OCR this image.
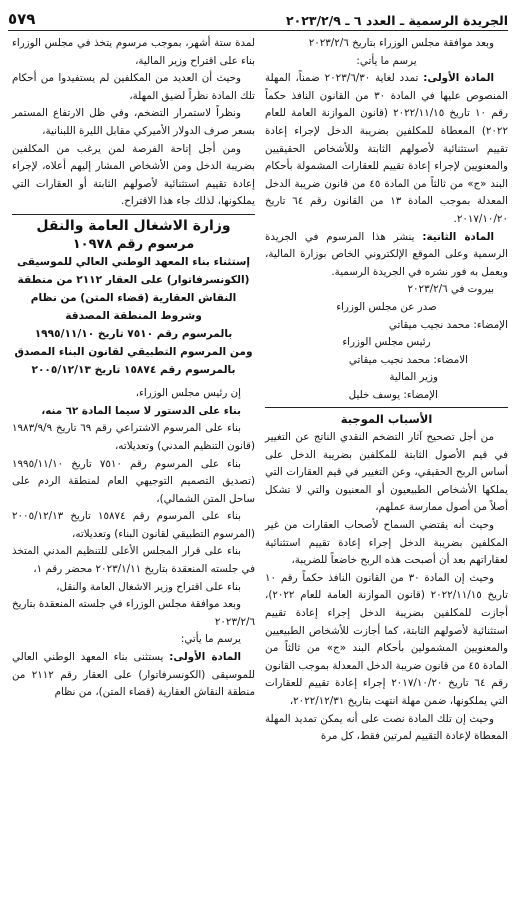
الجريدة الرسمية ـ العدد ٦ ـ ٢٠٢٣/٢/٩
٥٧٩

وبعد موافقة مجلس الوزراء بتاريخ ٢٠٢٣/٢/٦

يرسم ما يأتي:

المادة الأولى: تمدد لغاية ٢٠٢٣/٦/٣٠ ضمناً، المهلة المنصوص عليها في المادة ٣٠ من القانون النافذ حكماً رقم ١٠ تاريخ ٢٠٢٢/١١/١٥ (قانون الموازنة العامة للعام ٢٠٢٢) المعطاة للمكلفين بضريبة الدخل لإجراء إعادة تقييم استثنائية لأصولهم الثابتة وللأشخاص الحقيقيين والمعنويين لإجراء إعادة تقييم للعقارات المشمولة بأحكام البند «ج» من ثالثاً من المادة ٤٥ من قانون ضريبة الدخل المعدلة بموجب المادة ١٣ من القانون رقم ٦٤ تاريخ ٢٠١٧/١٠/٢٠.

المادة الثانية: ينشر هذا المرسوم في الجريدة الرسمية وعلى الموقع الإلكتروني الخاص بوزارة المالية، ويعمل به فور نشره في الجريدة الرسمية.

بيروت في ٢٠٢٣/٢/٦

صدر عن مجلس الوزراء

الإمضاء: محمد نجيب ميقاتي

رئيس مجلس الوزراء

الامضاء: محمد نجيب ميقاتي

وزير المالية

الإمضاء: يوسف خليل

الأسباب الموجبة

من أجل تصحيح آثار التضخم النقدي الناتج عن التغيير في قيم الأصول الثابتة للمكلفين بضريبة الدخل على أساس الربح الحقيقي، وعن التغيير في قيم العقارات التي يملكها الأشخاص الطبيعيون أو المعنيون والتي لا تشكل أصلاً من أصول ممارسة عملهم،

وحيث أنه يقتضي السماح لأصحاب العقارات من غير المكلفين بضريبة الدخل إجراء إعادة تقييم استثنائية لعقاراتهم بعد أن أصبحت هذه الربح خاضعاً للضريبة،

وحيث إن المادة ٣٠ من القانون النافذ حكماً رقم ١٠ تاريخ ٢٠٢٢/١١/١٥ (قانون الموازنة العامة للعام ٢٠٢٢)، أجازت للمكلفين بضريبة الدخل إجراء إعادة تقييم استثنائية لأصولهم الثابتة، كما أجازت للأشخاص الطبيعيين والمعنويين المشمولين بأحكام البند «ج» من ثالثاً من المادة ٤٥ من قانون ضريبة الدخل المعدلة بموجب القانون رقم ٦٤ تاريخ ٢٠١٧/١٠/٢٠ إجراء إعادة تقييم للعقارات التي يملكونها، ضمن مهلة انتهت بتاريخ ٢٠٢٢/١٢/٣١،

وحيث إن تلك المادة نصت على أنه يمكن تمديد المهلة المعطاة لإعادة التقييم لمرتين فقط، كل مرة

لمدة ستة أشهر، بموجب مرسوم يتخذ في مجلس الوزراء بناء على اقتراح وزير المالية،

وحيث أن العديد من المكلفين لم يستفيدوا من أحكام تلك المادة نظراً لضيق المهلة،

ونظراً لاستمرار التضخم، وفي ظل الارتفاع المستمر بسعر صرف الدولار الأميركي مقابل الليرة اللبنانية،

ومن أجل إتاحة الفرصة لمن يرغب من المكلفين بضريبة الدخل ومن الأشخاص المشار إليهم أعلاه، لإجراء إعادة تقييم استثنائية لأصولهم الثابتة أو العقارات التي يملكونها، لذلك جاء هذا الاقتراح.

وزارة الاشغال العامة والنقل

مرسوم رقم ١٠٩٧٨

إستثناء بناء المعهد الوطني العالي للموسيقى (الكونسرفاتوار) على العقار ٢١١٢ من منطقة النقاش العقارية (قضاء المتن) من نظام وشروط المنطقة المصدقة

بالمرسوم رقم ٧٥١٠ تاريخ ١٩٩٥/١١/١٠

ومن المرسوم التطبيقي لقانون البناء المصدق

بالمرسوم رقم ١٥٨٧٤ تاريخ ٢٠٠٥/١٢/١٣

إن رئيس مجلس الوزراء،

بناء على الدستور لا سيما المادة ٦٢ منه،

بناء على المرسوم الاشتراعي رقم ٦٩ تاريخ ١٩٨٣/٩/٩ (قانون التنظيم المدني) وتعديلاته،

بناء على المرسوم رقم ٧٥١٠ تاريخ ١٩٩٥/١١/١٠ (تصديق التصميم التوجيهي العام لمنطقة الردم على ساحل المتن الشمالي)،

بناء على المرسوم رقم ١٥٨٧٤ تاريخ ٢٠٠٥/١٢/١٣ (المرسوم التطبيقي لقانون البناء) وتعديلاته،

بناء على قرار المجلس الأعلى للتنظيم المدني المتخذ في جلسته المنعقدة بتاريخ ٢٠٢٣/١/١١ محضر رقم ١،

بناء على اقتراح وزير الاشغال العامة والنقل،

وبعد موافقة مجلس الوزراء في جلسته المنعقدة بتاريخ ٢٠٢٣/٢/٦

يرسم ما يأتي:

المادة الأولى: يستثنى بناء المعهد الوطني العالي للموسيقى (الكونسرفاتوار) على العقار رقم ٢١١٢ من منطقة النقاش العقارية (قضاء المتن)، من نظام
